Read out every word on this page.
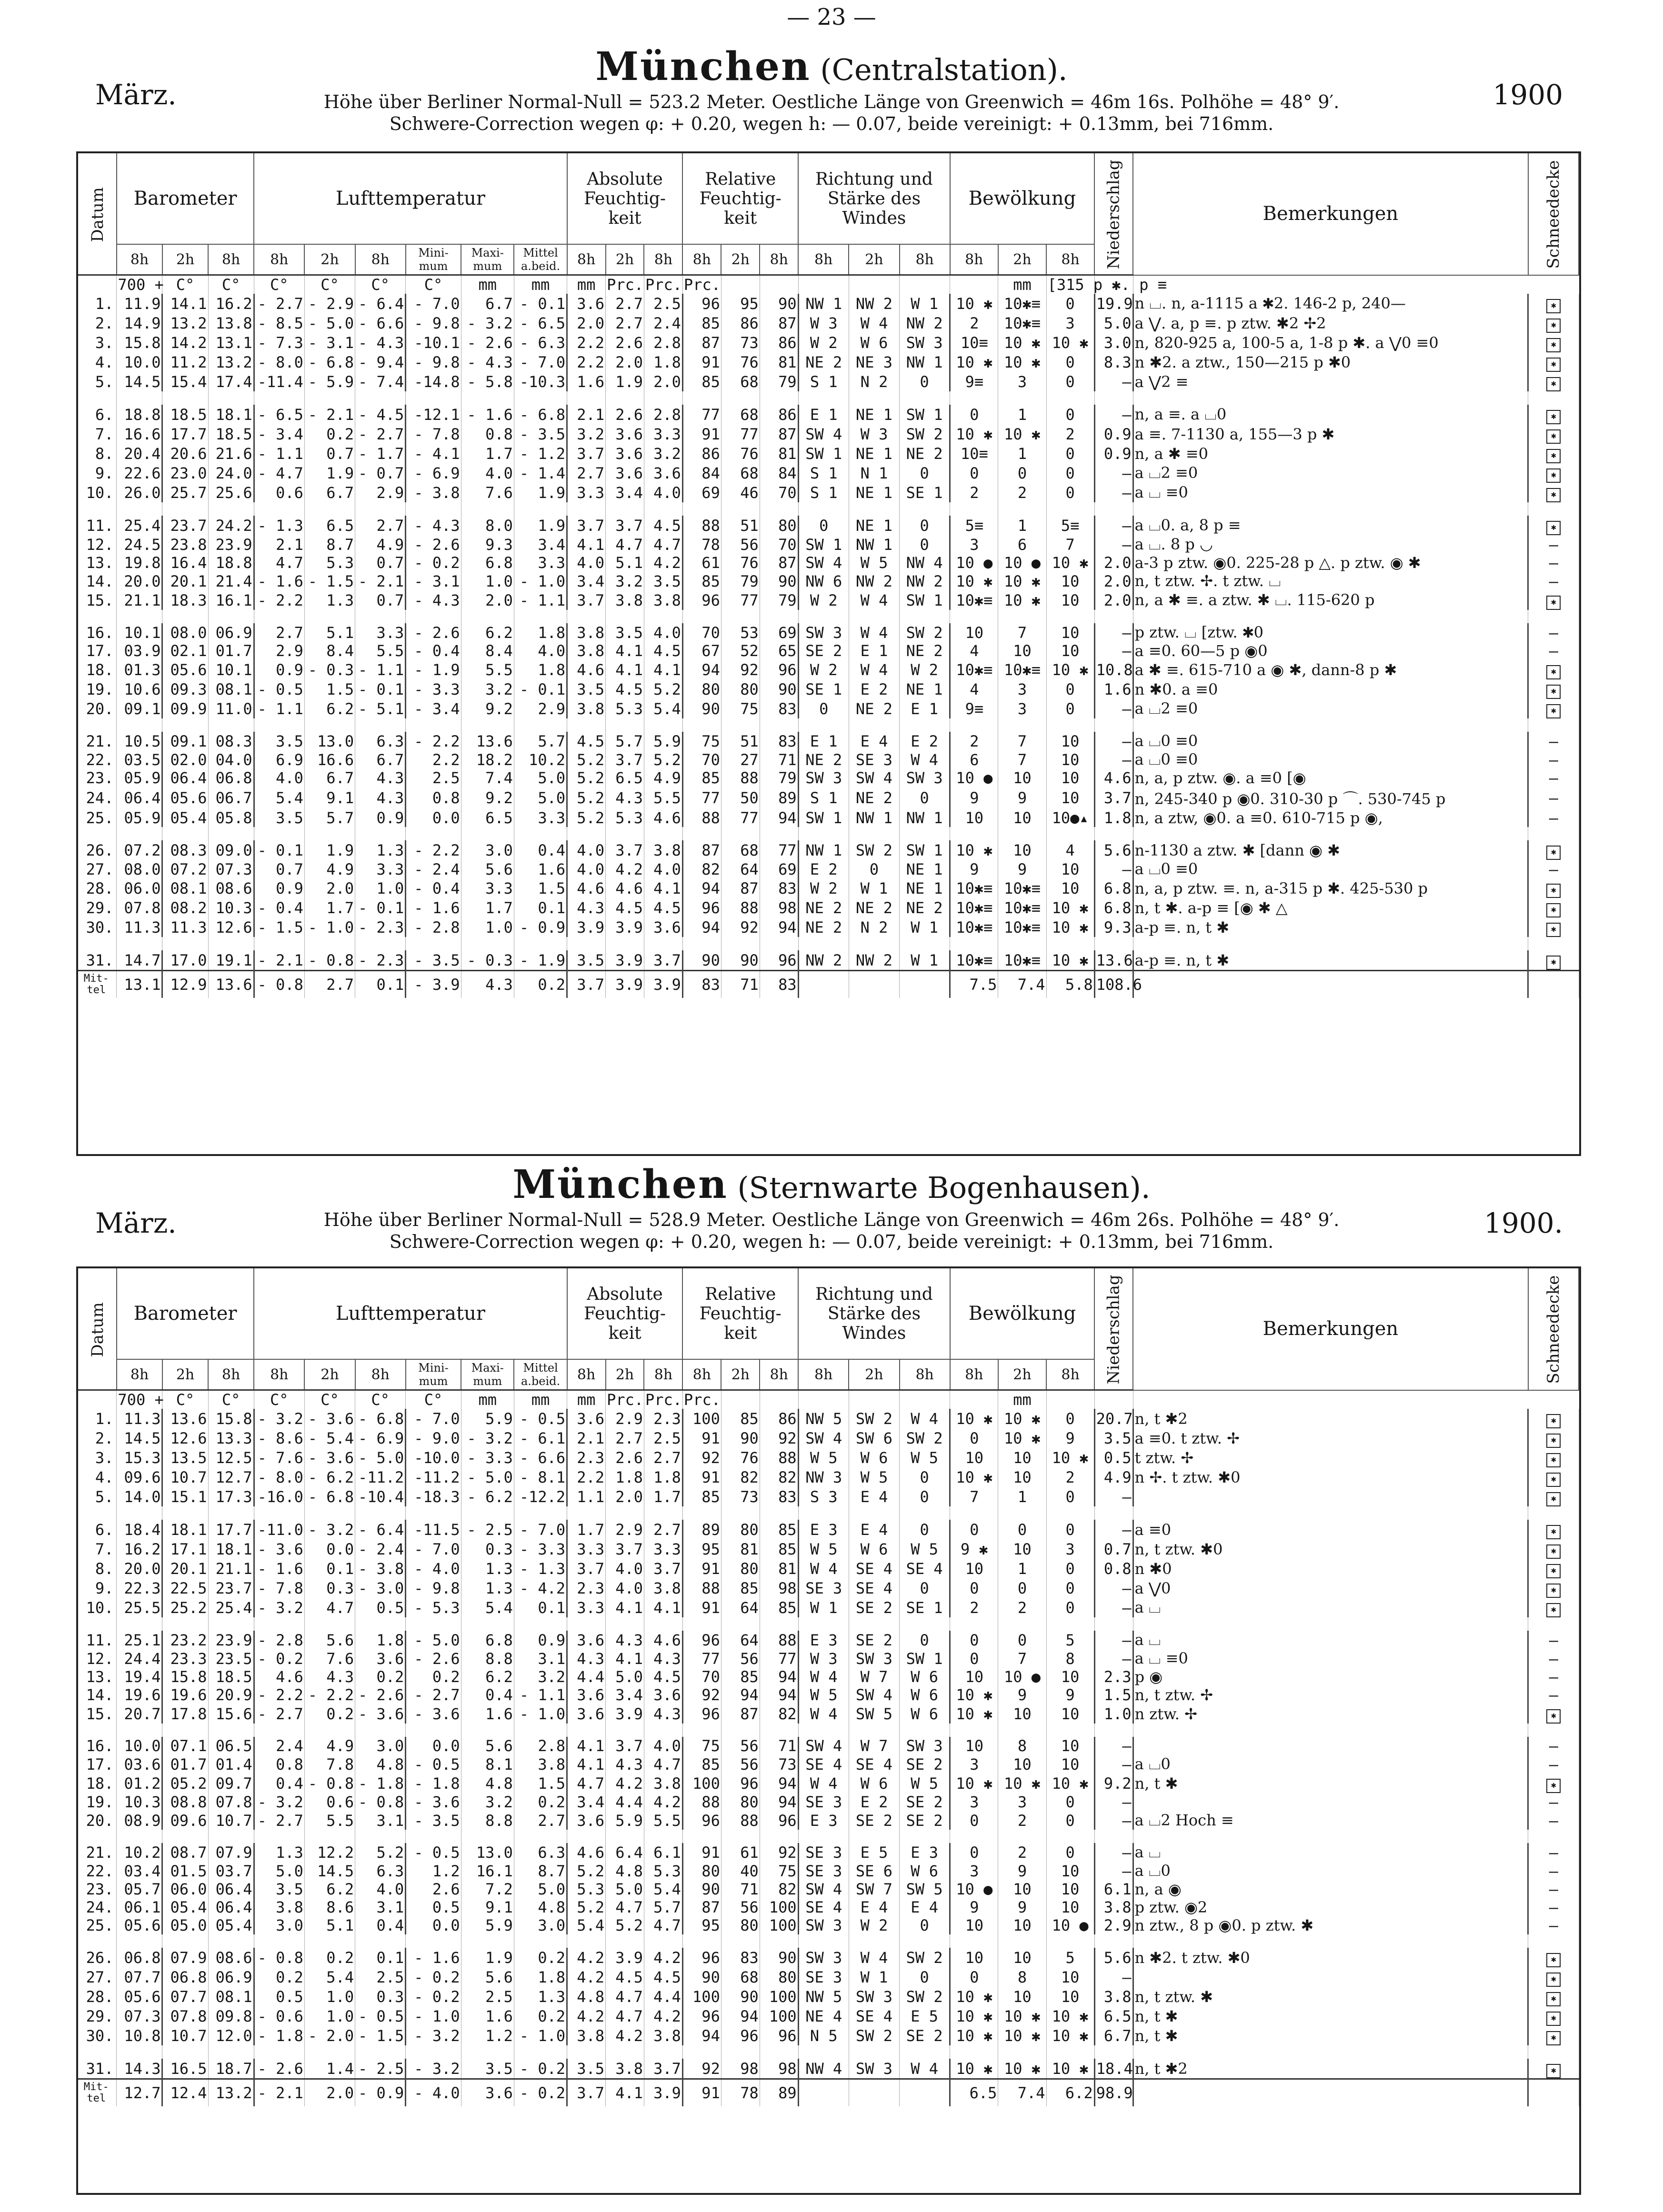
— 23 —
München (Centralstation).
März.	1900
Höhe über Berliner Normal-Null = 523.2 Meter. Oestliche Länge von Greenwich = 46m 16s. Polhöhe = 48° 9′.
Schwere-Correction wegen φ: + 0.20, wegen h: — 0.07, beide vereinigt: + 0.13mm, bei 716mm.
Datum	Barometer			Lufttemperatur						Absolute Feuchtig-keit			Relative Feuchtig-keit			Richtung und Stärke des Windes			Bewölkung			Niederschlag	Bemerkungen	Schneedecke
	8h	2h	8h	8h	2h	8h	Mini-mum	Maxi-mum	Mittel a.beid.	8h	2h	8h	8h	2h	8h	8h	2h	8h	8h	2h	8h			
	700 +	C°	C°	C°	C°	C°	C°	mm	mm	mm	Prc.	Prc.	Prc.							mm	[315 p ✱. p ≡			
1.	11.9	14.1	16.2	- 2.7	- 2.9	- 6.4	- 7.0	6.7	- 0.1	3.6	2.7	2.5	96	95	90	NW 1	NW 2	W 1	10 ✱	10✱≡	0	19.9	n ⌴. n, a-1115 a ✱2. 146-2 p, 240—	✱
2.	14.9	13.2	13.8	- 8.5	- 5.0	- 6.6	- 9.8	- 3.2	- 6.5	2.0	2.7	2.4	85	86	87	W 3	W 4	NW 2	2	10✱≡	3	5.0	a ⋁. a, p ≡. p ztw. ✱2 ✢2	✱
3.	15.8	14.2	13.1	- 7.3	- 3.1	- 4.3	-10.1	- 2.6	- 6.3	2.2	2.6	2.8	87	73	86	W 2	W 6	SW 3	10≡	10 ✱	10 ✱	3.0	n, 820-925 a, 100-5 a, 1-8 p ✱. a ⋁0 ≡0	✱
4.	10.0	11.2	13.2	- 8.0	- 6.8	- 9.4	- 9.8	- 4.3	- 7.0	2.2	2.0	1.8	91	76	81	NE 2	NE 3	NW 1	10 ✱	10 ✱	0	8.3	n ✱2. a ztw., 150—215 p ✱0	✱
5.	14.5	15.4	17.4	-11.4	- 5.9	- 7.4	-14.8	- 5.8	-10.3	1.6	1.9	2.0	85	68	79	S 1	N 2	0	9≡	3	0	—	a ⋁2 ≡	✱

6.	18.8	18.5	18.1	- 6.5	- 2.1	- 4.5	-12.1	- 1.6	- 6.8	2.1	2.6	2.8	77	68	86	E 1	NE 1	SW 1	0	1	0	—	n, a ≡. a ⌴0	✱
7.	16.6	17.7	18.5	- 3.4	0.2	- 2.7	- 7.8	0.8	- 3.5	3.2	3.6	3.3	91	77	87	SW 4	W 3	SW 2	10 ✱	10 ✱	2	0.9	a ≡. 7-1130 a, 155—3 p ✱	✱
8.	20.4	20.6	21.6	- 1.1	0.7	- 1.7	- 4.1	1.7	- 1.2	3.7	3.6	3.2	86	76	81	SW 1	NE 1	NE 2	10≡	1	0	0.9	n, a ✱ ≡0	✱
9.	22.6	23.0	24.0	- 4.7	1.9	- 0.7	- 6.9	4.0	- 1.4	2.7	3.6	3.6	84	68	84	S 1	N 1	0	0	0	0	—	a ⌴2 ≡0	✱
10.	26.0	25.7	25.6	0.6	6.7	2.9	- 3.8	7.6	1.9	3.3	3.4	4.0	69	46	70	S 1	NE 1	SE 1	2	2	0	—	a ⌴ ≡0	✱

11.	25.4	23.7	24.2	- 1.3	6.5	2.7	- 4.3	8.0	1.9	3.7	3.7	4.5	88	51	80	0	NE 1	0	5≡	1	5≡	—	a ⌴0. a, 8 p ≡	✱
12.	24.5	23.8	23.9	2.1	8.7	4.9	- 2.6	9.3	3.4	4.1	4.7	4.7	78	56	70	SW 1	NW 1	0	3	6	7	—	a ⌴. 8 p ◡	—
13.	19.8	16.4	18.8	4.7	5.3	0.7	- 0.2	6.8	3.3	4.0	5.1	4.2	61	76	87	SW 4	W 5	NW 4	10 ●	10 ●	10 ✱	2.0	a-3 p ztw. ◉0. 225-28 p △. p ztw. ◉ ✱	—
14.	20.0	20.1	21.4	- 1.6	- 1.5	- 2.1	- 3.1	1.0	- 1.0	3.4	3.2	3.5	85	79	90	NW 6	NW 2	NW 2	10 ✱	10 ✱	10	2.0	n, t ztw. ✢. t ztw. ⌴	—
15.	21.1	18.3	16.1	- 2.2	1.3	0.7	- 4.3	2.0	- 1.1	3.7	3.8	3.8	96	77	79	W 2	W 4	SW 1	10✱≡	10 ✱	10	2.0	n, a ✱ ≡. a ztw. ✱ ⌴. 115-620 p	✱

16.	10.1	08.0	06.9	2.7	5.1	3.3	- 2.6	6.2	1.8	3.8	3.5	4.0	70	53	69	SW 3	W 4	SW 2	10	7	10	—	p ztw. ⌴ [ztw. ✱0	—
17.	03.9	02.1	01.7	2.9	8.4	5.5	- 0.4	8.4	4.0	3.8	4.1	4.5	67	52	65	SE 2	E 1	NE 2	4	10	10	—	a ≡0. 60—5 p ◉0	—
18.	01.3	05.6	10.1	0.9	- 0.3	- 1.1	- 1.9	5.5	1.8	4.6	4.1	4.1	94	92	96	W 2	W 4	W 2	10✱≡	10✱≡	10 ✱	10.8	a ✱ ≡. 615-710 a ◉ ✱, dann-8 p ✱	✱
19.	10.6	09.3	08.1	- 0.5	1.5	- 0.1	- 3.3	3.2	- 0.1	3.5	4.5	5.2	80	80	90	SE 1	E 2	NE 1	4	3	0	1.6	n ✱0. a ≡0	✱
20.	09.1	09.9	11.0	- 1.1	6.2	- 5.1	- 3.4	9.2	2.9	3.8	5.3	5.4	90	75	83	0	NE 2	E 1	9≡	3	0	—	a ⌴2 ≡0	✱

21.	10.5	09.1	08.3	3.5	13.0	6.3	- 2.2	13.6	5.7	4.5	5.7	5.9	75	51	83	E 1	E 4	E 2	2	7	10	—	a ⌴0 ≡0	—
22.	03.5	02.0	04.0	6.9	16.6	6.7	2.2	18.2	10.2	5.2	3.7	5.2	70	27	71	NE 2	SE 3	W 4	6	7	10	—	a ⌴0 ≡0	—
23.	05.9	06.4	06.8	4.0	6.7	4.3	2.5	7.4	5.0	5.2	6.5	4.9	85	88	79	SW 3	SW 4	SW 3	10 ●	10	10	4.6	n, a, p ztw. ◉. a ≡0 [◉	—
24.	06.4	05.6	06.7	5.4	9.1	4.3	0.8	9.2	5.0	5.2	4.3	5.5	77	50	89	S 1	NE 2	0	9	9	10	3.7	n, 245-340 p ◉0. 310-30 p ⌒. 530-745 p	—
25.	05.9	05.4	05.8	3.5	5.7	0.9	0.0	6.5	3.3	5.2	5.3	4.6	88	77	94	SW 1	NW 1	NW 1	10	10	10●▴	1.8	n, a ztw, ◉0. a ≡0. 610-715 p ◉,	—

26.	07.2	08.3	09.0	- 0.1	1.9	1.3	- 2.2	3.0	0.4	4.0	3.7	3.8	87	68	77	NW 1	SW 2	SW 1	10 ✱	10	4	5.6	n-1130 a ztw. ✱ [dann ◉ ✱	✱
27.	08.0	07.2	07.3	0.7	4.9	3.3	- 2.4	5.6	1.6	4.0	4.2	4.0	82	64	69	E 2	0	NE 1	9	9	10	—	a ⌴0 ≡0	—
28.	06.0	08.1	08.6	0.9	2.0	1.0	- 0.4	3.3	1.5	4.6	4.6	4.1	94	87	83	W 2	W 1	NE 1	10✱≡	10✱≡	10	6.8	n, a, p ztw. ≡. n, a-315 p ✱. 425-530 p	✱
29.	07.8	08.2	10.3	- 0.4	1.7	- 0.1	- 1.6	1.7	0.1	4.3	4.5	4.5	96	88	98	NE 2	NE 2	NE 2	10✱≡	10✱≡	10 ✱	6.8	n, t ✱. a-p ≡ [◉ ✱ △	✱
30.	11.3	11.3	12.6	- 1.5	- 1.0	- 2.3	- 2.8	1.0	- 0.9	3.9	3.9	3.6	94	92	94	NE 2	N 2	W 1	10✱≡	10✱≡	10 ✱	9.3	a-p ≡. n, t ✱	✱

31.	14.7	17.0	19.1	- 2.1	- 0.8	- 2.3	- 3.5	- 0.3	- 1.9	3.5	3.9	3.7	90	90	96	NW 2	NW 2	W 1	10✱≡	10✱≡	10 ✱	13.6	a-p ≡. n, t ✱	✱
Mit-tel	13.1	12.9	13.6	- 0.8	2.7	0.1	- 3.9	4.3	0.2	3.7	3.9	3.9	83	71	83				7.5	7.4	5.8	108.6		
München (Sternwarte Bogenhausen).
März.	1900.
Höhe über Berliner Normal-Null = 528.9 Meter. Oestliche Länge von Greenwich = 46m 26s. Polhöhe = 48° 9′.
Schwere-Correction wegen φ: + 0.20, wegen h: — 0.07, beide vereinigt: + 0.13mm, bei 716mm.
Datum	Barometer			Lufttemperatur						Absolute Feuchtig-keit			Relative Feuchtig-keit			Richtung und Stärke des Windes			Bewölkung			Niederschlag	Bemerkungen	Schneedecke
	8h	2h	8h	8h	2h	8h	Mini-mum	Maxi-mum	Mittel a.beid.	8h	2h	8h	8h	2h	8h	8h	2h	8h	8h	2h	8h			
	700 +	C°	C°	C°	C°	C°	C°	mm	mm	mm	Prc.	Prc.	Prc.							mm				
1.	11.3	13.6	15.8	- 3.2	- 3.6	- 6.8	- 7.0	5.9	- 0.5	3.6	2.9	2.3	100	85	86	NW 5	SW 2	W 4	10 ✱	10 ✱	0	20.7	n, t ✱2	✱
2.	14.5	12.6	13.3	- 8.6	- 5.4	- 6.9	- 9.0	- 3.2	- 6.1	2.1	2.7	2.5	91	90	92	SW 4	SW 6	SW 2	0	10 ✱	9	3.5	a ≡0. t ztw. ✢	✱
3.	15.3	13.5	12.5	- 7.6	- 3.6	- 5.0	-10.0	- 3.3	- 6.6	2.3	2.6	2.7	92	76	88	W 5	W 6	W 5	10	10	10 ✱	0.5	t ztw. ✢	✱
4.	09.6	10.7	12.7	- 8.0	- 6.2	-11.2	-11.2	- 5.0	- 8.1	2.2	1.8	1.8	91	82	82	NW 3	W 5	0	10 ✱	10	2	4.9	n ✢. t ztw. ✱0	✱
5.	14.0	15.1	17.3	-16.0	- 6.8	-10.4	-18.3	- 6.2	-12.2	1.1	2.0	1.7	85	73	83	S 3	E 4	0	7	1	0	—		✱

6.	18.4	18.1	17.7	-11.0	- 3.2	- 6.4	-11.5	- 2.5	- 7.0	1.7	2.9	2.7	89	80	85	E 3	E 4	0	0	0	0	—	a ≡0	✱
7.	16.2	17.1	18.1	- 3.6	0.0	- 2.4	- 7.0	0.3	- 3.3	3.3	3.7	3.3	95	81	85	W 5	W 6	W 5	9 ✱	10	3	0.7	n, t ztw. ✱0	✱
8.	20.0	20.1	21.1	- 1.6	0.1	- 3.8	- 4.0	1.3	- 1.3	3.7	4.0	3.7	91	80	81	W 4	SE 4	SE 4	10	1	0	0.8	n ✱0	✱
9.	22.3	22.5	23.7	- 7.8	0.3	- 3.0	- 9.8	1.3	- 4.2	2.3	4.0	3.8	88	85	98	SE 3	SE 4	0	0	0	0	—	a ⋁0	✱
10.	25.5	25.2	25.4	- 3.2	4.7	0.5	- 5.3	5.4	0.1	3.3	4.1	4.1	91	64	85	W 1	SE 2	SE 1	2	2	0	—	a ⌴	✱

11.	25.1	23.2	23.9	- 2.8	5.6	1.8	- 5.0	6.8	0.9	3.6	4.3	4.6	96	64	88	E 3	SE 2	0	0	0	5	—	a ⌴	—
12.	24.4	23.3	23.5	- 0.2	7.6	3.6	- 2.6	8.8	3.1	4.3	4.1	4.3	77	56	77	W 3	SW 3	SW 1	0	7	8	—	a ⌴ ≡0	—
13.	19.4	15.8	18.5	4.6	4.3	0.2	0.2	6.2	3.2	4.4	5.0	4.5	70	85	94	W 4	W 7	W 6	10	10 ●	10	2.3	p ◉	—
14.	19.6	19.6	20.9	- 2.2	- 2.2	- 2.6	- 2.7	0.4	- 1.1	3.6	3.4	3.6	92	94	94	W 5	SW 4	W 6	10 ✱	9	9	1.5	n, t ztw. ✢	—
15.	20.7	17.8	15.6	- 2.7	0.2	- 3.6	- 3.6	1.6	- 1.0	3.6	3.9	4.3	96	87	82	W 4	SW 5	W 6	10 ✱	10	10	1.0	n ztw. ✢	✱

16.	10.0	07.1	06.5	2.4	4.9	3.0	0.0	5.6	2.8	4.1	3.7	4.0	75	56	71	SW 4	W 7	SW 3	10	8	10	—		—
17.	03.6	01.7	01.4	0.8	7.8	4.8	- 0.5	8.1	3.8	4.1	4.3	4.7	85	56	73	SE 4	SE 4	SE 2	3	10	10	—	a ⌴0	—
18.	01.2	05.2	09.7	0.4	- 0.8	- 1.8	- 1.8	4.8	1.5	4.7	4.2	3.8	100	96	94	W 4	W 6	W 5	10 ✱	10 ✱	10 ✱	9.2	n, t ✱	✱
19.	10.3	08.8	07.8	- 3.2	0.6	- 0.8	- 3.6	3.2	0.2	3.4	4.4	4.2	88	80	94	SE 3	E 2	SE 2	3	3	0	—		—
20.	08.9	09.6	10.7	- 2.7	5.5	3.1	- 3.5	8.8	2.7	3.6	5.9	5.5	96	88	96	E 3	SE 2	SE 2	0	2	0	—	a ⌴2 Hoch ≡	—

21.	10.2	08.7	07.9	1.3	12.2	5.2	- 0.5	13.0	6.3	4.6	6.4	6.1	91	61	92	SE 3	E 5	E 3	0	2	0	—	a ⌴	—
22.	03.4	01.5	03.7	5.0	14.5	6.3	1.2	16.1	8.7	5.2	4.8	5.3	80	40	75	SE 3	SE 6	W 6	3	9	10	—	a ⌴0	—
23.	05.7	06.0	06.4	3.5	6.2	4.0	2.6	7.2	5.0	5.3	5.0	5.4	90	71	82	SW 4	SW 7	SW 5	10 ●	10	10	6.1	n, a ◉	—
24.	06.1	05.4	06.4	3.8	8.6	3.1	0.5	9.1	4.8	5.2	4.7	5.7	87	56	100	SE 4	E 4	E 4	9	9	10	3.8	p ztw. ◉2	—
25.	05.6	05.0	05.4	3.0	5.1	0.4	0.0	5.9	3.0	5.4	5.2	4.7	95	80	100	SW 3	W 2	0	10	10	10 ●	2.9	n ztw., 8 p ◉0. p ztw. ✱	—

26.	06.8	07.9	08.6	- 0.8	0.2	0.1	- 1.6	1.9	0.2	4.2	3.9	4.2	96	83	90	SW 3	W 4	SW 2	10	10	5	5.6	n ✱2. t ztw. ✱0	✱
27.	07.7	06.8	06.9	0.2	5.4	2.5	- 0.2	5.6	1.8	4.2	4.5	4.5	90	68	80	SE 3	W 1	0	0	8	10	—		✱
28.	05.6	07.7	08.1	0.5	1.0	0.3	- 0.2	2.5	1.3	4.8	4.7	4.4	100	90	100	NW 5	SW 3	SW 2	10 ✱	10	10	3.8	n, t ztw. ✱	✱
29.	07.3	07.8	09.8	- 0.6	1.0	- 0.5	- 1.0	1.6	0.2	4.2	4.7	4.2	96	94	100	NE 4	SE 4	E 5	10 ✱	10 ✱	10 ✱	6.5	n, t ✱	✱
30.	10.8	10.7	12.0	- 1.8	- 2.0	- 1.5	- 3.2	1.2	- 1.0	3.8	4.2	3.8	94	96	96	N 5	SW 2	SE 2	10 ✱	10 ✱	10 ✱	6.7	n, t ✱	✱

31.	14.3	16.5	18.7	- 2.6	1.4	- 2.5	- 3.2	3.5	- 0.2	3.5	3.8	3.7	92	98	98	NW 4	SW 3	W 4	10 ✱	10 ✱	10 ✱	18.4	n, t ✱2	✱
Mit-tel	12.7	12.4	13.2	- 2.1	2.0	- 0.9	- 4.0	3.6	- 0.2	3.7	4.1	3.9	91	78	89				6.5	7.4	6.2	98.9		
